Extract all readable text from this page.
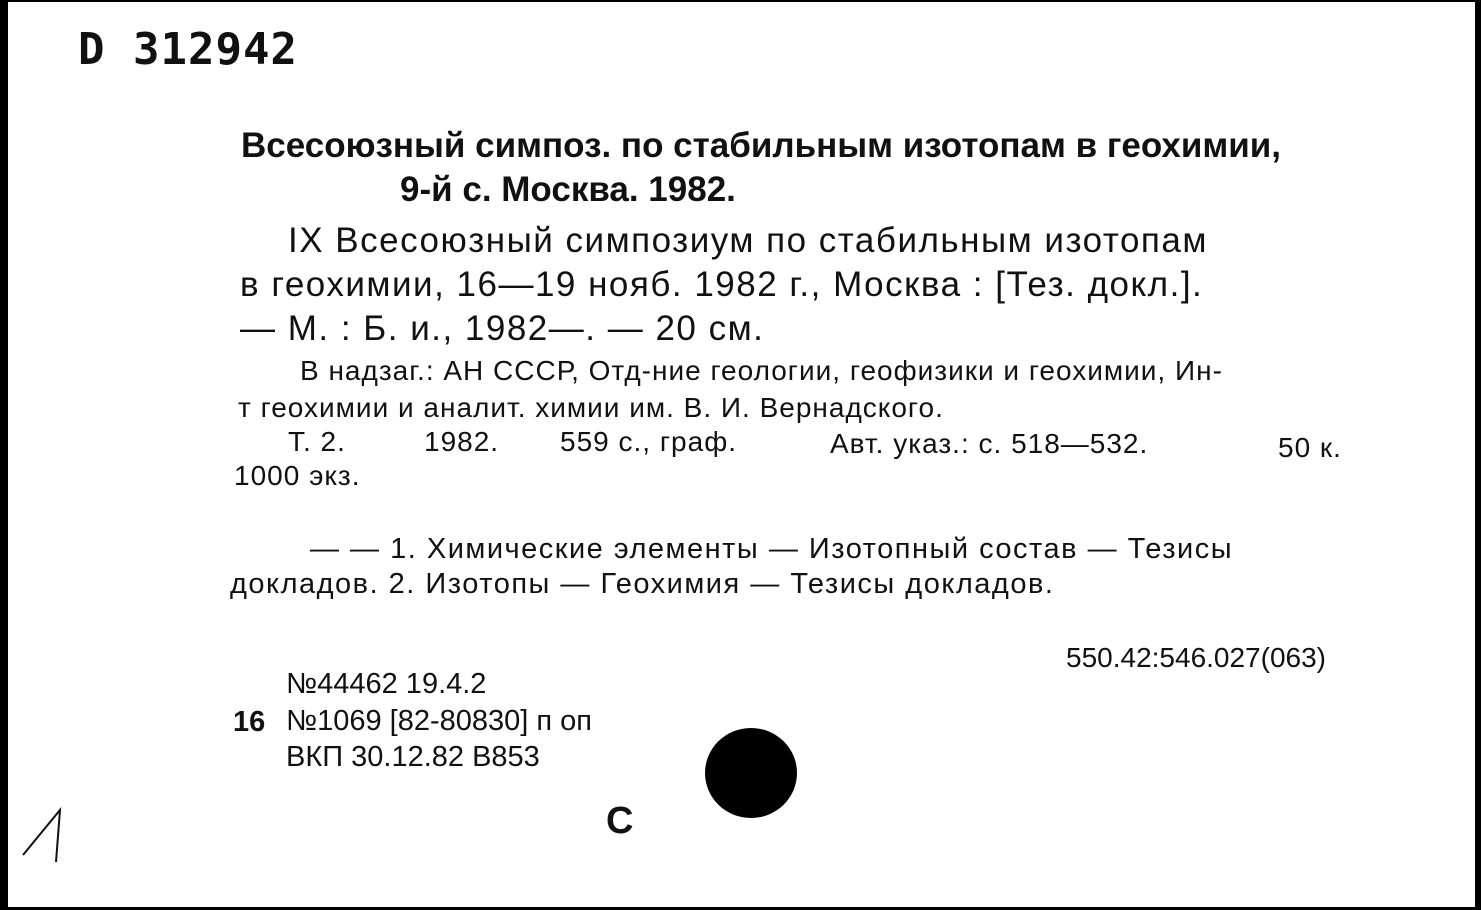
D 312942
Всесоюзный симпоз. по стабильным изотопам в геохимии,
9-й с. Москва. 1982.
IX Всесоюзный симпозиум по стабильным изотопам
в геохимии, 16—19 нояб. 1982 г., Москва : [Тез. докл.].
— М. : Б. и., 1982—. — 20 см.
В надзаг.: АН СССР, Отд-ние геологии, геофизики и геохимии, Ин-
т геохимии и аналит. химии им. В. И. Вернадского.
Т. 2.	1982. 559 с., граф.	Авт. указ.: с. 518—532.	50 к.
1000 экз.
— — 1. Химические элементы — Изотопный состав — Тезисы
докладов. 2. Изотопы — Геохимия — Тезисы докладов.
550.42:546.027(063)
№44462 19.4.2
16 №1069 [82-80830] п оп
ВКП 30.12.82 В853
С
